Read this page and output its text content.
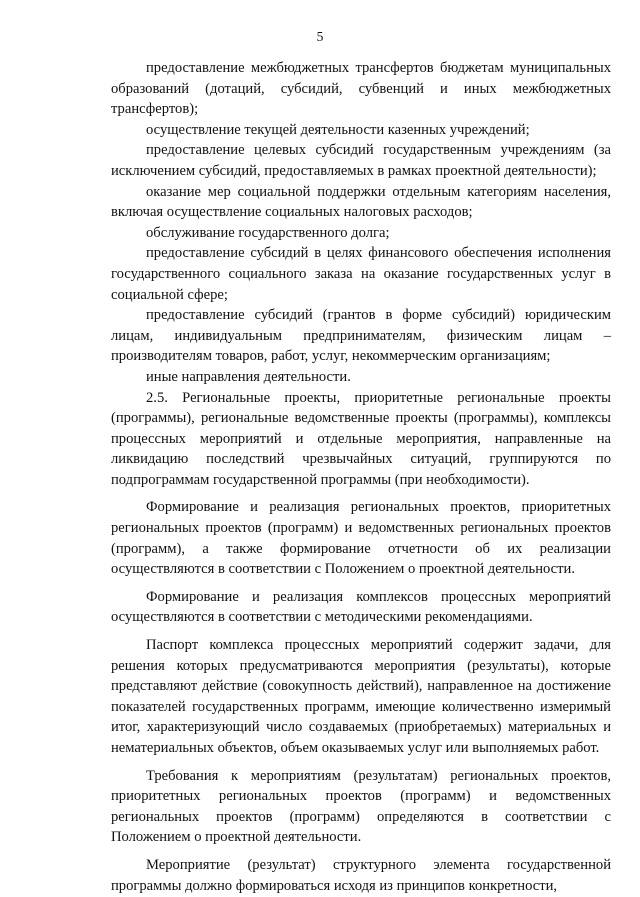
5

предоставление межбюджетных трансфертов бюджетам муниципальных образований (дотаций, субсидий, субвенций и иных межбюджетных трансфертов);

осуществление текущей деятельности казенных учреждений;

предоставление целевых субсидий государственным учреждениям (за исключением субсидий, предоставляемых в рамках проектной деятельности);

оказание мер социальной поддержки отдельным категориям населения, включая осуществление социальных налоговых расходов;

обслуживание государственного долга;

предоставление субсидий в целях финансового обеспечения исполнения государственного социального заказа на оказание государственных услуг в социальной сфере;

предоставление субсидий (грантов в форме субсидий) юридическим лицам, индивидуальным предпринимателям, физическим лицам – производителям товаров, работ, услуг, некоммерческим организациям;

иные направления деятельности.

2.5. Региональные проекты, приоритетные региональные проекты (программы), региональные ведомственные проекты (программы), комплексы процессных мероприятий и отдельные мероприятия, направленные на ликвидацию последствий чрезвычайных ситуаций, группируются по подпрограммам государственной программы (при необходимости).

Формирование и реализация региональных проектов, приоритетных региональных проектов (программ) и ведомственных региональных проектов (программ), а также формирование отчетности об их реализации осуществляются в соответствии с Положением о проектной деятельности.

Формирование и реализация комплексов процессных мероприятий осуществляются в соответствии с методическими рекомендациями.

Паспорт комплекса процессных мероприятий содержит задачи, для решения которых предусматриваются мероприятия (результаты), которые представляют действие (совокупность действий), направленное на достижение показателей государственных программ, имеющие количественно измеримый итог, характеризующий число создаваемых (приобретаемых) материальных и нематериальных объектов, объем оказываемых услуг или выполняемых работ.

Требования к мероприятиям (результатам) региональных проектов, приоритетных региональных проектов (программ) и ведомственных региональных проектов (программ) определяются в соответствии с Положением о проектной деятельности.

Мероприятие (результат) структурного элемента государственной программы должно формироваться исходя из принципов конкретности,
